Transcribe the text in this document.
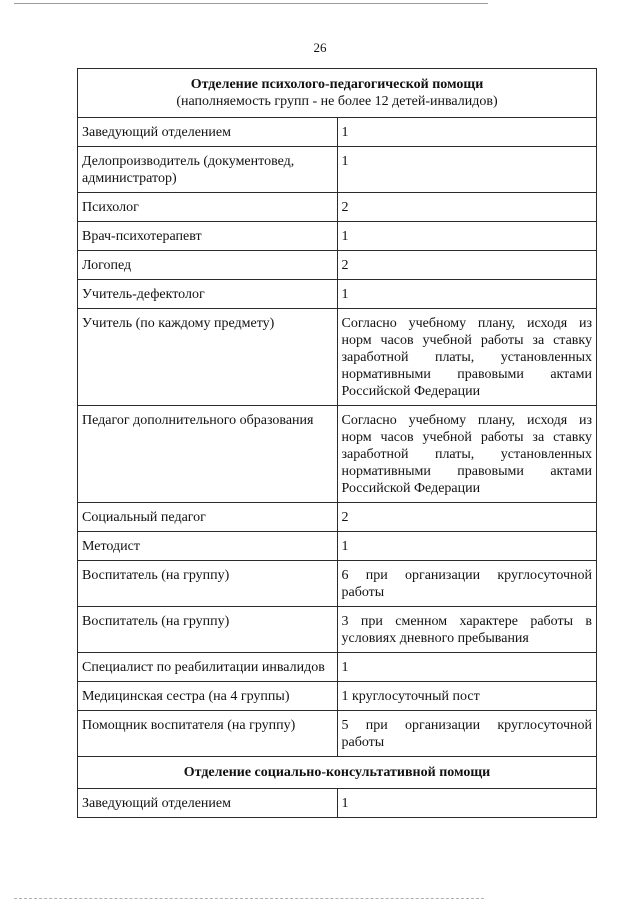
26
Отделение психолого-педагогической помощи
(наполняемость групп - не более 12 детей-инвалидов)	

Заведующий отделением	1
Делопроизводитель (документовед, администратор)	1
Психолог	2
Врач-психотерапевт	1
Логопед	2
Учитель-дефектолог	1
Учитель (по каждому предмету)	Согласно учебному плану, исходя из норм часов учебной работы за ставку заработной платы, установленных нормативными правовыми актами Российской Федерации
Педагог дополнительного образования	Согласно учебному плану, исходя из норм часов учебной работы за ставку заработной платы, установленных нормативными правовыми актами Российской Федерации
Социальный педагог	2
Методист	1
Воспитатель (на группу)	6 при организации круглосуточной работы
Воспитатель (на группу)	3 при сменном характере работы в условиях дневного пребывания
Специалист по реабилитации инвалидов	1
Медицинская сестра (на 4 группы)	1 круглосуточный пост
Помощник воспитателя (на группу)	5 при организации круглосуточной работы

Отделение социально-консультативной помощи	

Заведующий отделением	1
